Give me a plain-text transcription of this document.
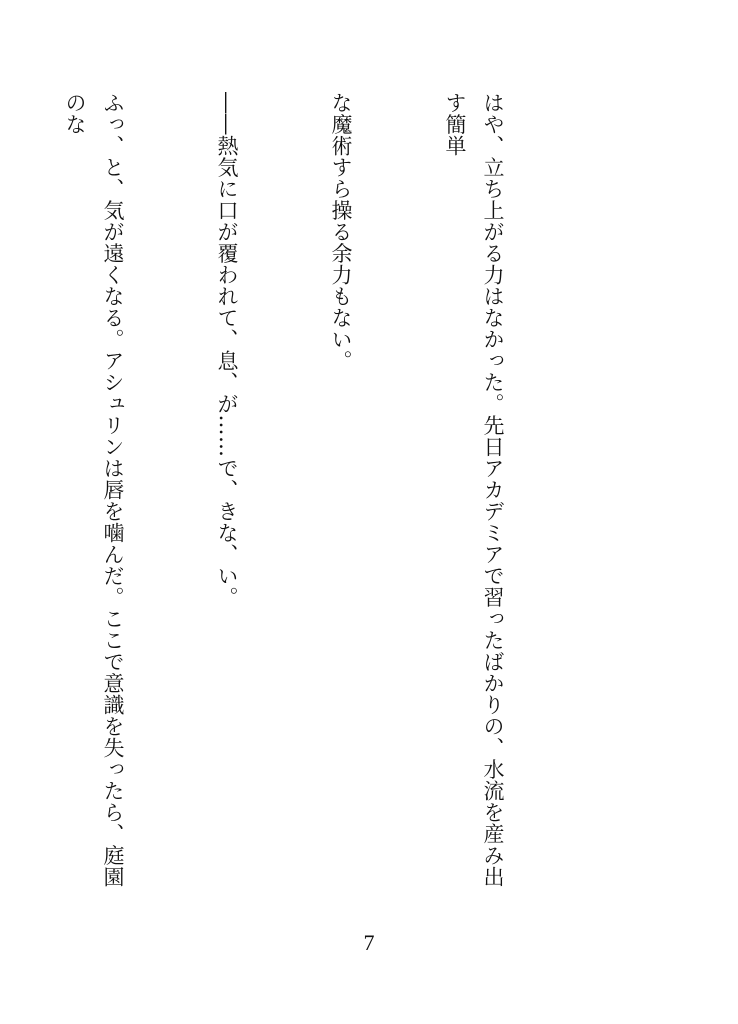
はや、立ち上がる力はなかった。先日アカデミアで習ったばかりの、水流を産み出す簡単

な魔術すら操る余力もない。

――熱気に口が覆われて、息、が……で、きな、い。

ふっ、と、気が遠くなる。アシュリンは唇を噛んだ。ここで意識を失ったら、庭園のな

7
